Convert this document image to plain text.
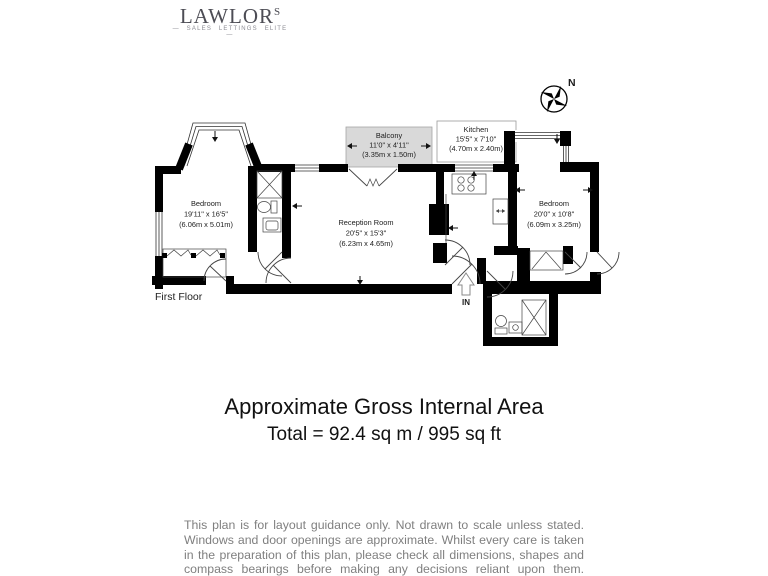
$LAWLOR^S$
— SALES LETTINGS ELITE —
N
Bedroom
19'11" x 16'5"
(6.06m x 5.01m)	Reception Room
20'5" x 15'3"
(6.23m x 4.65m)
Balcony
11'0" x 4'11"
(3.35m x 1.50m)
Kitchen
15'5" x 7'10"
(4.70m x 2.40m)
Bedroom
20'0" x 10'8"
(6.09m x 3.25m)
IN
First Floor
Approximate Gross Internal Area
Total = 92.4 sq m / 995 sq ft
This plan is for layout guidance only. Not drawn to scale unless stated.
Windows and door openings are approximate. Whilst every care is taken
in the preparation of this plan, please check all dimensions, shapes and
compass bearings before making any decisions reliant upon them.
